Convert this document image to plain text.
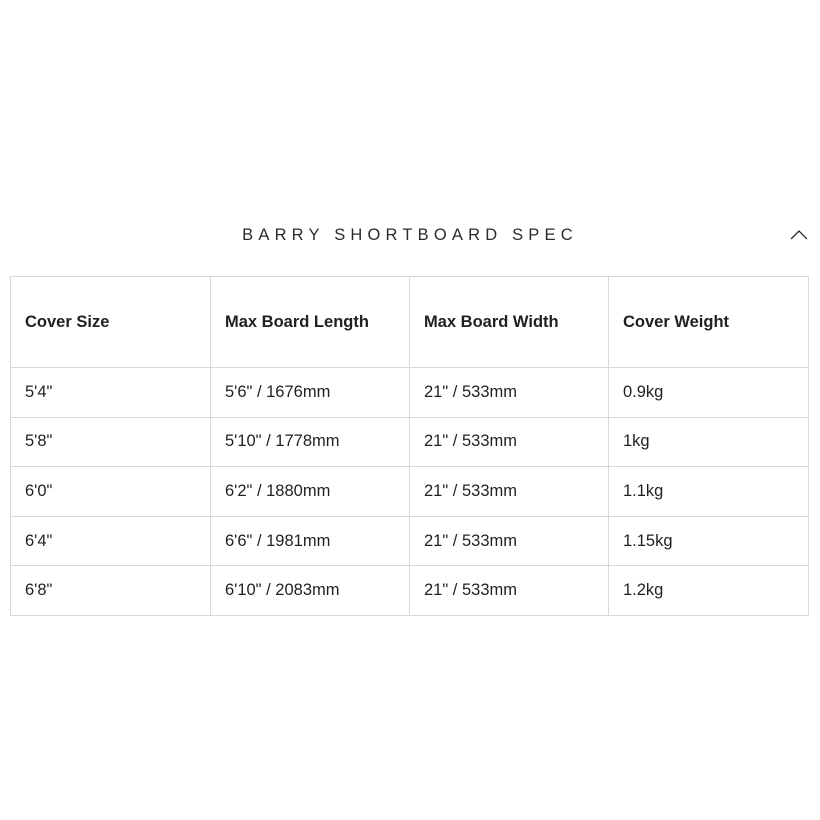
BARRY SHORTBOARD SPEC
Cover Size	Max Board Length	Max Board Width	Cover Weight
5'4"	5'6" / 1676mm	21" / 533mm	0.9kg
5'8"	5'10" / 1778mm	21" / 533mm	1kg
6'0"	6'2" / 1880mm	21" / 533mm	1.1kg
6'4"	6'6" / 1981mm	21" / 533mm	1.15kg
6'8"	6'10" / 2083mm	21" / 533mm	1.2kg
